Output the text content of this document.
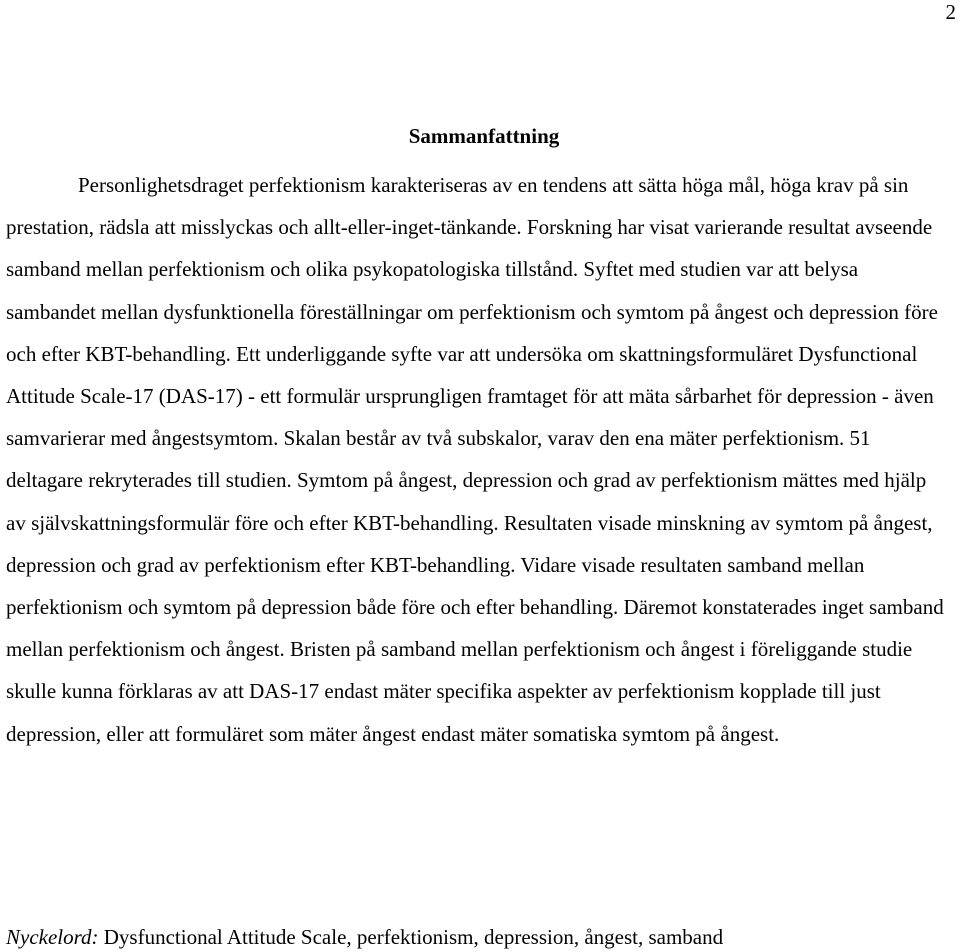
2
Sammanfattning

Personlighetsdraget perfektionism karakteriseras av en tendens att sätta höga mål, höga krav på sin prestation, rädsla att misslyckas och allt-eller-inget-tänkande. Forskning har visat varierande resultat avseende samband mellan perfektionism och olika psykopatologiska tillstånd. Syftet med studien var att belysa sambandet mellan dysfunktionella föreställningar om perfektionism och symtom på ångest och depression före och efter KBT-behandling. Ett underliggande syfte var att undersöka om skattningsformuläret Dysfunctional Attitude Scale-17 (DAS-17) - ett formulär ursprungligen framtaget för att mäta sårbarhet för depression - även samvarierar med ångestsymtom. Skalan består av två subskalor, varav den ena mäter perfektionism. 51 deltagare rekryterades till studien. Symtom på ångest, depression och grad av perfektionism mättes med hjälp av självskattningsformulär före och efter KBT-behandling. Resultaten visade minskning av symtom på ångest, depression och grad av perfektionism efter KBT-behandling. Vidare visade resultaten samband mellan perfektionism och symtom på depression både före och efter behandling. Däremot konstaterades inget samband mellan perfektionism och ångest. Bristen på samband mellan perfektionism och ångest i föreliggande studie skulle kunna förklaras av att DAS-17 endast mäter specifika aspekter av perfektionism kopplade till just depression, eller att formuläret som mäter ångest endast mäter somatiska symtom på ångest.

Nyckelord: Dysfunctional Attitude Scale, perfektionism, depression, ångest, samband
